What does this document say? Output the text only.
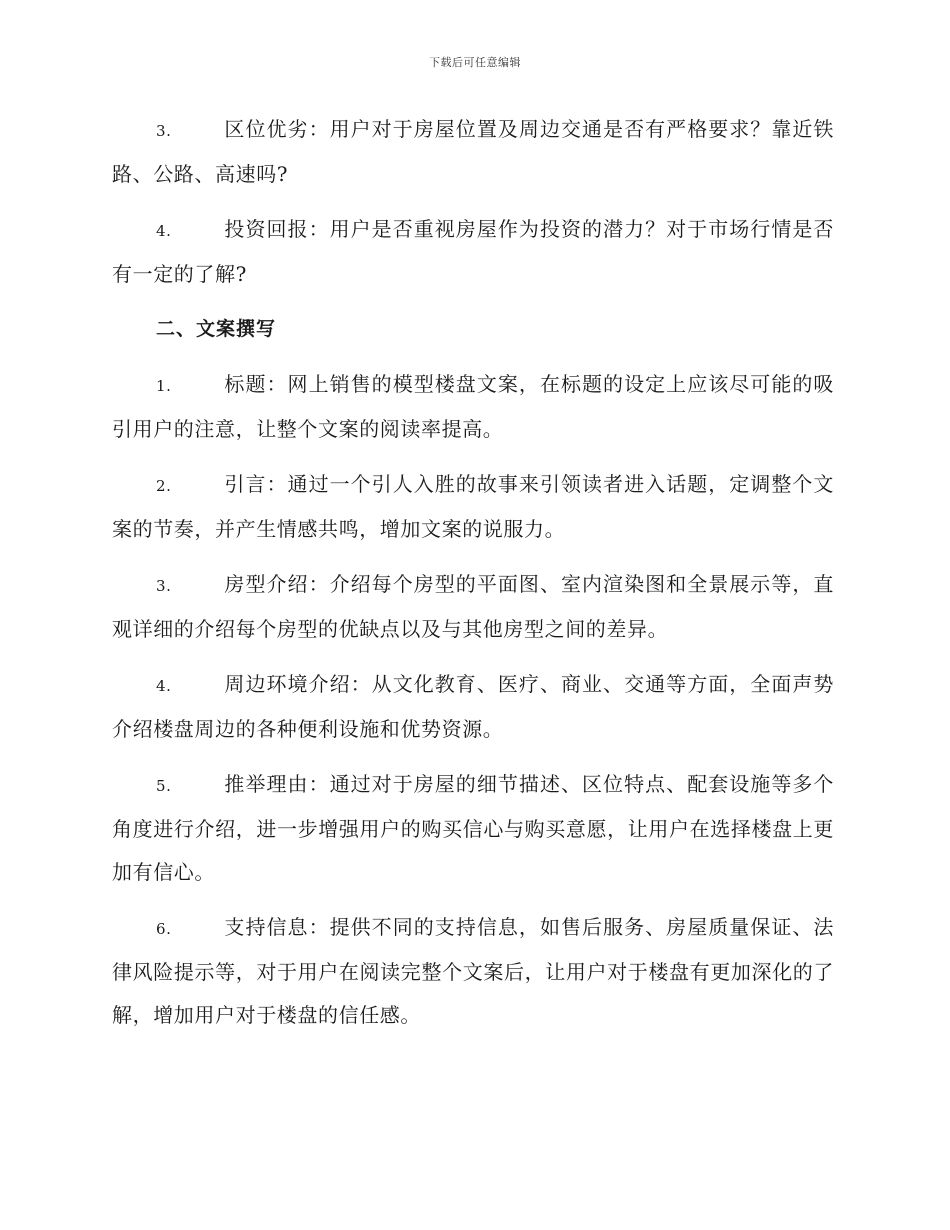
下载后可任意编辑

3.	区位优劣：用户对于房屋位置及周边交通是否有严格要求？靠近铁路、公路、高速吗?

4.	投资回报：用户是否重视房屋作为投资的潜力？对于市场行情是否有一定的了解?

二、文案撰写

1.	标题：网上销售的模型楼盘文案，在标题的设定上应该尽可能的吸引用户的注意，让整个文案的阅读率提高。

2.	引言：通过一个引人入胜的故事来引领读者进入话题，定调整个文案的节奏，并产生情感共鸣，增加文案的说服力。

3.	房型介绍：介绍每个房型的平面图、室内渲染图和全景展示等，直观详细的介绍每个房型的优缺点以及与其他房型之间的差异。

4.	周边环境介绍：从文化教育、医疗、商业、交通等方面，全面声势介绍楼盘周边的各种便利设施和优势资源。

5.	推举理由：通过对于房屋的细节描述、区位特点、配套设施等多个角度进行介绍，进一步增强用户的购买信心与购买意愿，让用户在选择楼盘上更加有信心。

6.	支持信息：提供不同的支持信息，如售后服务、房屋质量保证、法律风险提示等，对于用户在阅读完整个文案后，让用户对于楼盘有更加深化的了解，增加用户对于楼盘的信任感。
